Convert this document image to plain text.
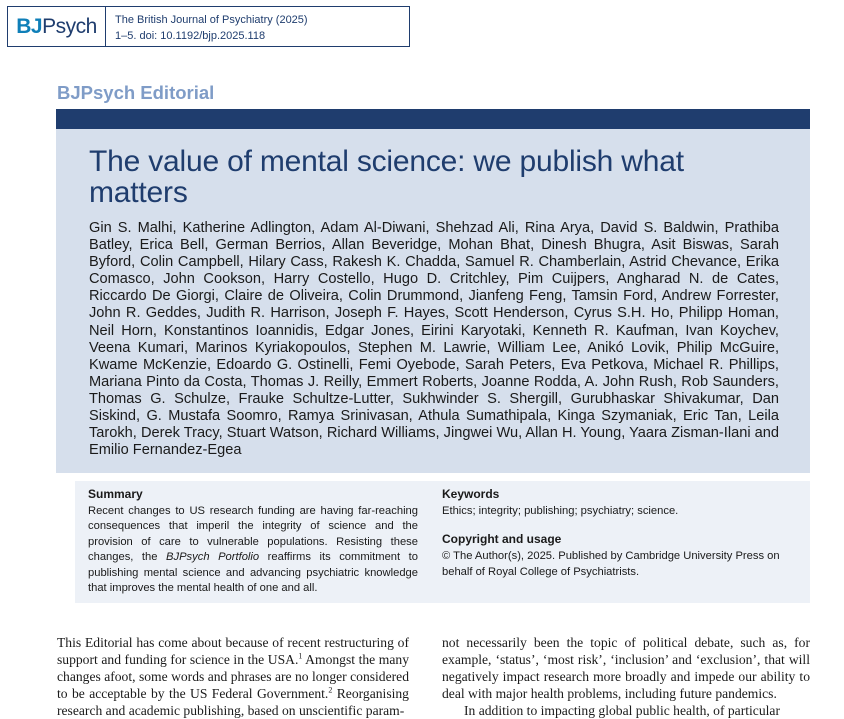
BJ Psych The British Journal of Psychiatry (2025)
1–5. doi: 10.1192/bjp.2025.118
BJPsych Editorial
The value of mental science: we publish what matters
Gin S. Malhi, Katherine Adlington, Adam Al-Diwani, Shehzad Ali, Rina Arya, David S. Baldwin, Prathiba Batley, Erica Bell, German Berrios, Allan Beveridge, Mohan Bhat, Dinesh Bhugra, Asit Biswas, Sarah Byford, Colin Campbell, Hilary Cass, Rakesh K. Chadda, Samuel R. Chamberlain, Astrid Chevance, Erika Comasco, John Cookson, Harry Costello, Hugo D. Critchley, Pim Cuijpers, Angharad N. de Cates, Riccardo De Giorgi, Claire de Oliveira, Colin Drummond, Jianfeng Feng, Tamsin Ford, Andrew Forrester, John R. Geddes, Judith R. Harrison, Joseph F. Hayes, Scott Henderson, Cyrus S.H. Ho, Philipp Homan, Neil Horn, Konstantinos Ioannidis, Edgar Jones, Eirini Karyotaki, Kenneth R. Kaufman, Ivan Koychev, Veena Kumari, Marinos Kyriakopoulos, Stephen M. Lawrie, William Lee, Anikó Lovik, Philip McGuire, Kwame McKenzie, Edoardo G. Ostinelli, Femi Oyebode, Sarah Peters, Eva Petkova, Michael R. Phillips, Mariana Pinto da Costa, Thomas J. Reilly, Emmert Roberts, Joanne Rodda, A. John Rush, Rob Saunders, Thomas G. Schulze, Frauke Schultze-Lutter, Sukhwinder S. Shergill, Gurubhaskar Shivakumar, Dan Siskind, G. Mustafa Soomro, Ramya Srinivasan, Athula Sumathipala, Kinga Szymaniak, Eric Tan, Leila Tarokh, Derek Tracy, Stuart Watson, Richard Williams, Jingwei Wu, Allan H. Young, Yaara Zisman-Ilani and Emilio Fernandez-Egea
Summary
Recent changes to US research funding are having far-reaching consequences that imperil the integrity of science and the provision of care to vulnerable populations. Resisting these changes, the BJPsych Portfolio reaffirms its commitment to publishing mental science and advancing psychiatric knowledge that improves the mental health of one and all.
Keywords
Ethics; integrity; publishing; psychiatry; science.
Copyright and usage
© The Author(s), 2025. Published by Cambridge University Press on behalf of Royal College of Psychiatrists.

This Editorial has come about because of recent restructuring of support and funding for science in the USA.$^1$ Amongst the many changes afoot, some words and phrases are no longer considered to be acceptable by the US Federal Government.$^2$ Reorganising research and academic publishing, based on unscientific param-

not necessarily been the topic of political debate, such as, for example, ‘status’, ‘most risk’, ‘inclusion’ and ‘exclusion’, that will negatively impact research more broadly and impede our ability to deal with major health problems, including future pandemics.

In addition to impacting global public health, of particular
